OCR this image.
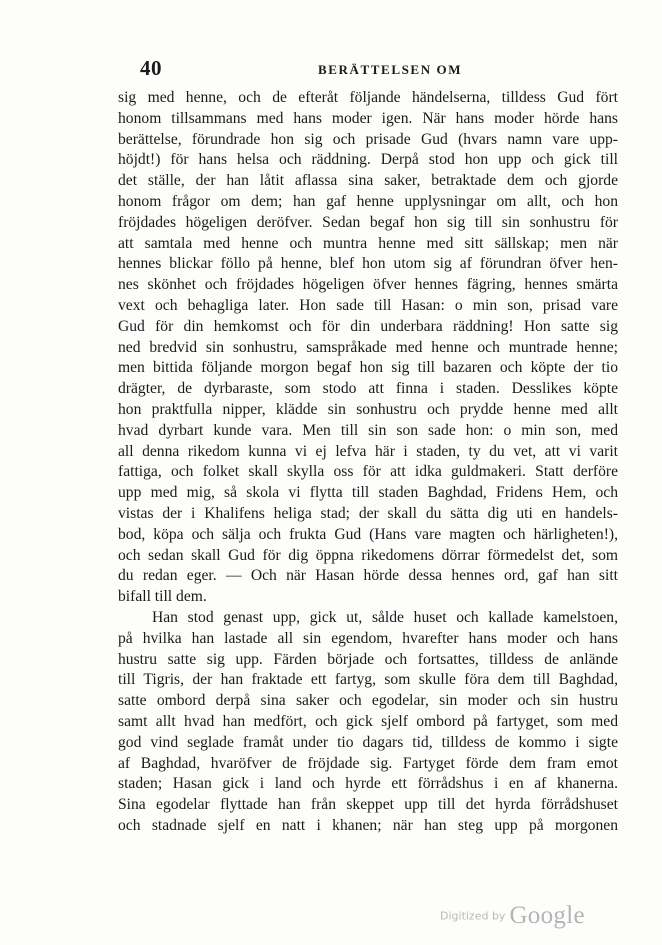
40	BERÄTTELSEN OM
sig med henne, och de efteråt följande händelserna, tilldess Gud fört
honom tillsammans med hans moder igen. När hans moder hörde hans
berättelse, förundrade hon sig och prisade Gud (hvars namn vare upp-
höjdt!) för hans helsa och räddning. Derpå stod hon upp och gick till
det ställe, der han låtit aflassa sina saker, betraktade dem och gjorde
honom frågor om dem; han gaf henne upplysningar om allt, och hon
fröjdades högeligen deröfver. Sedan begaf hon sig till sin sonhustru för
att samtala med henne och muntra henne med sitt sällskap; men när
hennes blickar föllo på henne, blef hon utom sig af förundran öfver hen-
nes skönhet och fröjdades högeligen öfver hennes fägring, hennes smärta
vext och behagliga later. Hon sade till Hasan: o min son, prisad vare
Gud för din hemkomst och för din underbara räddning! Hon satte sig
ned bredvid sin sonhustru, samspråkade med henne och muntrade henne;
men bittida följande morgon begaf hon sig till bazaren och köpte der tio
drägter, de dyrbaraste, som stodo att finna i staden. Desslikes köpte
hon praktfulla nipper, klädde sin sonhustru och prydde henne med allt
hvad dyrbart kunde vara. Men till sin son sade hon: o min son, med
all denna rikedom kunna vi ej lefva här i staden, ty du vet, att vi varit
fattiga, och folket skall skylla oss för att idka guldmakeri. Statt derföre
upp med mig, så skola vi flytta till staden Baghdad, Fridens Hem, och
vistas der i Khalifens heliga stad; der skall du sätta dig uti en handels-
bod, köpa och sälja och frukta Gud (Hans vare magten och härligheten!),
och sedan skall Gud för dig öppna rikedomens dörrar förmedelst det, som
du redan eger. — Och när Hasan hörde dessa hennes ord, gaf han sitt
bifall till dem.
Han stod genast upp, gick ut, sålde huset och kallade kamelstoen,
på hvilka han lastade all sin egendom, hvarefter hans moder och hans
hustru satte sig upp. Färden började och fortsattes, tilldess de anlände
till Tigris, der han fraktade ett fartyg, som skulle föra dem till Baghdad,
satte ombord derpå sina saker och egodelar, sin moder och sin hustru
samt allt hvad han medfört, och gick sjelf ombord på fartyget, som med
god vind seglade framåt under tio dagars tid, tilldess de kommo i sigte
af Baghdad, hvaröfver de fröjdade sig. Fartyget förde dem fram emot
staden; Hasan gick i land och hyrde ett förrådshus i en af khanerna.
Sina egodelar flyttade han från skeppet upp till det hyrda förrådshuset
och stadnade sjelf en natt i khanen; när han steg upp på morgonen
Digitized by Google
